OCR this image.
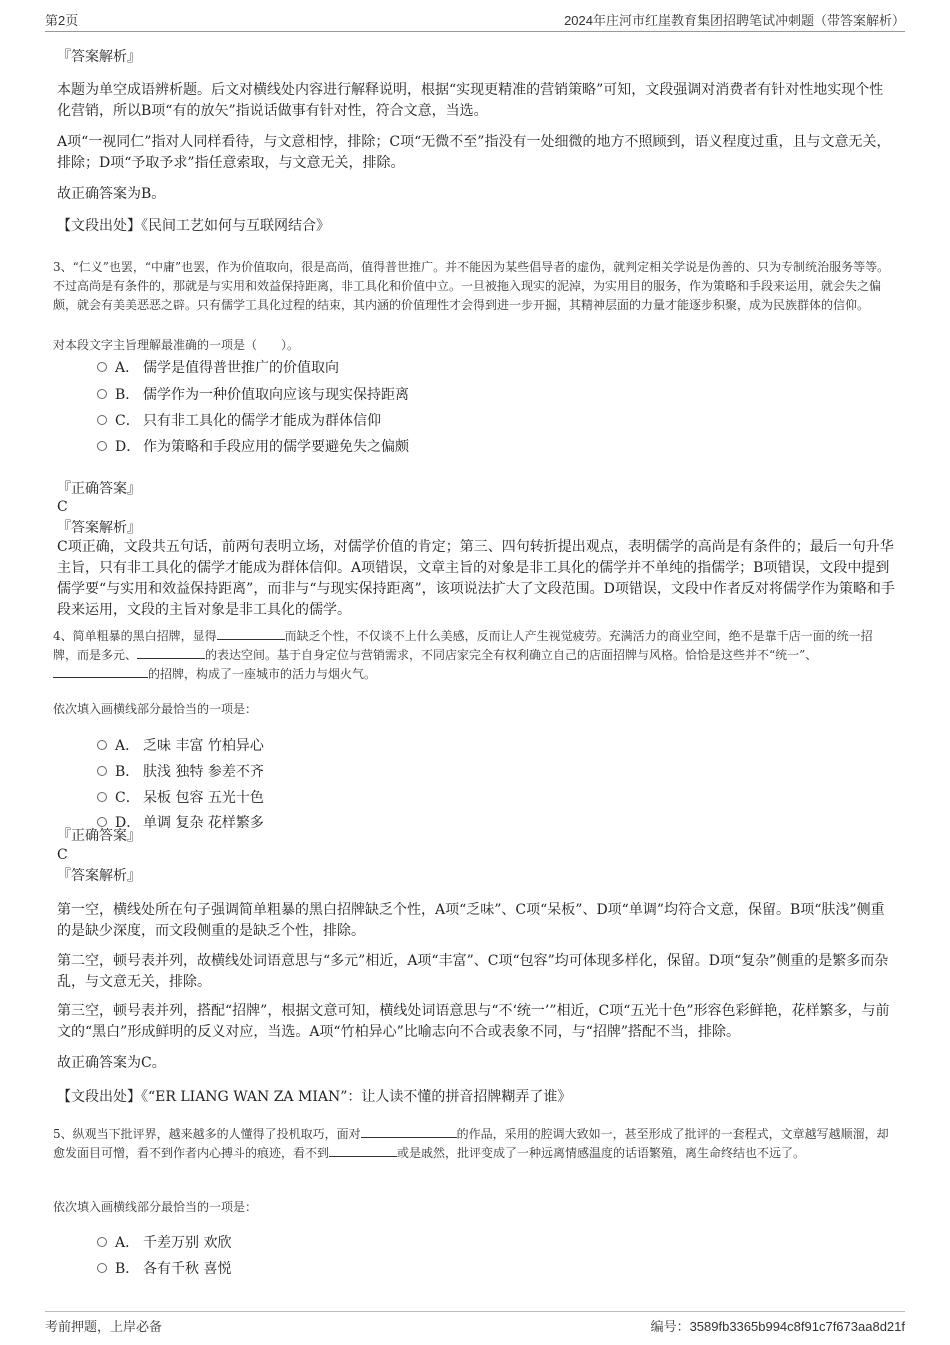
第2页	2024年庄河市红崖教育集团招聘笔试冲刺题（带答案解析）
『答案解析』
本题为单空成语辨析题。后文对横线处内容进行解释说明，根据“实现更精准的营销策略”可知，文段强调对消费者有针对性地实现个性化营销，所以B项“有的放矢”指说话做事有针对性，符合文意，当选。
A项“一视同仁”指对人同样看待，与文意相悖，排除；C项“无微不至”指没有一处细微的地方不照顾到，语义程度过重，且与文意无关，排除；D项“予取予求”指任意索取，与文意无关，排除。
故正确答案为B。
【文段出处】《民间工艺如何与互联网结合》
3、“仁义”也罢，“中庸”也罢，作为价值取向，很是高尚，值得普世推广。并不能因为某些倡导者的虚伪，就判定相关学说是伪善的、只为专制统治服务等等。不过高尚是有条件的，那就是与实用和效益保持距离，非工具化和价值中立。一旦被拖入现实的泥淖，为实用目的服务，作为策略和手段来运用，就会失之偏颇，就会有美美恶恶之辟。只有儒学工具化过程的结束，其内涵的价值理性才会得到进一步开掘，其精神层面的力量才能逐步积聚，成为民族群体的信仰。
对本段文字主旨理解最准确的一项是（　　）。
A． 儒学是值得普世推广的价值取向
B． 儒学作为一种价值取向应该与现实保持距离
C． 只有非工具化的儒学才能成为群体信仰
D． 作为策略和手段应用的儒学要避免失之偏颇
『正确答案』
C
『答案解析』
C项正确，文段共五句话，前两句表明立场，对儒学价值的肯定；第三、四句转折提出观点，表明儒学的高尚是有条件的；最后一句升华主旨，只有非工具化的儒学才能成为群体信仰。A项错误，文章主旨的对象是非工具化的儒学并不单纯的指儒学；B项错误，文段中提到儒学要“与实用和效益保持距离”，而非与“与现实保持距离”，该项说法扩大了文段范围。D项错误，文段中作者反对将儒学作为策略和手段来运用，文段的主旨对象是非工具化的儒学。
4、简单粗暴的黑白招牌，显得	而缺乏个性，不仅谈不上什么美感，反而让人产生视觉疲劳。充满活力的商业空间，绝不是靠千店一面的统一招牌，而是多元、	的表达空间。基于自身定位与营销需求，不同店家完全有权利确立自己的店面招牌与风格。恰恰是这些并不“统一”、的招牌，构成了一座城市的活力与烟火气。
依次填入画横线部分最恰当的一项是：
A． 乏味 丰富 竹柏异心
B． 肤浅 独特 参差不齐
C． 呆板 包容 五光十色
D． 单调 复杂 花样繁多
『正确答案』
C
『答案解析』
第一空，横线处所在句子强调简单粗暴的黑白招牌缺乏个性，A项“乏味”、C项“呆板”、D项“单调”均符合文意，保留。B项“肤浅”侧重的是缺少深度，而文段侧重的是缺乏个性，排除。
第二空，顿号表并列，故横线处词语意思与“多元”相近，A项“丰富”、C项“包容”均可体现多样化，保留。D项“复杂”侧重的是繁多而杂乱，与文意无关，排除。
第三空，顿号表并列，搭配“招牌”，根据文意可知，横线处词语意思与“不‘统一’”相近，C项“五光十色”形容色彩鲜艳，花样繁多，与前文的“黑白”形成鲜明的反义对应，当选。A项“竹柏异心”比喻志向不合或表象不同，与“招牌”搭配不当，排除。
故正确答案为C。
【文段出处】《“ER LIANG WAN ZA MIAN”：让人读不懂的拼音招牌糊弄了谁》
5、纵观当下批评界，越来越多的人懂得了投机取巧，面对	的作品，采用的腔调大致如一，甚至形成了批评的一套程式，文章越写越顺溜，却愈发面目可憎，看不到作者内心搏斗的痕迹，看不到	或是戚然，批评变成了一种远离情感温度的话语繁殖，离生命终结也不远了。
依次填入画横线部分最恰当的一项是：
A． 千差万别 欢欣
B． 各有千秋 喜悦
考前押题，上岸必备	编号：3589fb3365b994c8f91c7f673aa8d21f
